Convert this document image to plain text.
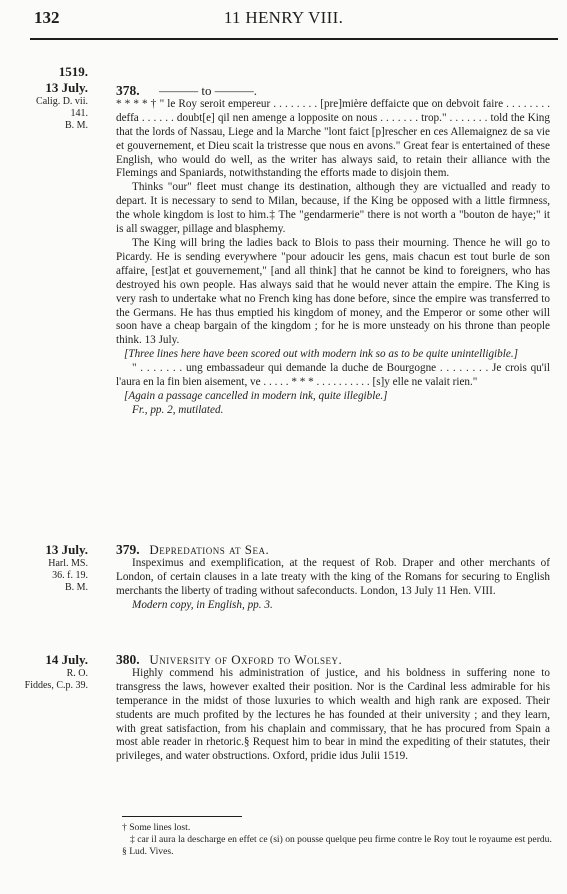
132	11 HENRY VIII.
1519.
13 July.
Calig. D. vii.
141.
B. M.

378. ——— to ———.

* * * * † " le Roy seroit empereur . . . . . . . . [pre]mière deffaicte que on debvoit faire . . . . . . . . deffa . . . . . . doubt[e] qil nen amenge a lopposite on nous . . . . . . . trop." . . . . . . . told the King that the lords of Nassau, Liege and la Marche "lont faict [p]rescher en ces Allemaignez de sa vie et gouvernement, et Dieu scait la tristresse que nous en avons." Great fear is entertained of these English, who would do well, as the writer has always said, to retain their alliance with the Flemings and Spaniards, notwithstanding the efforts made to disjoin them.

Thinks "our" fleet must change its destination, although they are victualled and ready to depart. It is necessary to send to Milan, because, if the King be opposed with a little firmness, the whole kingdom is lost to him.‡ The "gendarmerie" there is not worth a "bouton de haye;" it is all swagger, pillage and blasphemy.

The King will bring the ladies back to Blois to pass their mourning. Thence he will go to Picardy. He is sending everywhere "pour adoucir les gens, mais chacun est tout burle de son affaire, [est]at et gouvernement," [and all think] that he cannot be kind to foreigners, who has destroyed his own people. Has always said that he would never attain the empire. The King is very rash to undertake what no French king has done before, since the empire was transferred to the Germans. He has thus emptied his kingdom of money, and the Emperor or some other will soon have a cheap bargain of the kingdom ; for he is more unsteady on his throne than people think. 13 July.

[Three lines here have been scored out with modern ink so as to be quite unintelligible.]

" . . . . . . . ung embassadeur qui demande la duche de Bourgogne . . . . . . . . Je crois qu'il l'aura en la fin bien aisement, ve . . . . . * * * . . . . . . . . . . [s]y elle ne valait rien."

[Again a passage cancelled in modern ink, quite illegible.]

Fr., pp. 2, mutilated.

13 July.
Harl. MS.
36. f. 19.
B. M.

379. Depredations at Sea.

Inspeximus and exemplification, at the request of Rob. Draper and other merchants of London, of certain clauses in a late treaty with the king of the Romans for securing to English merchants the liberty of trading without safeconducts. London, 13 July 11 Hen. VIII.

Modern copy, in English, pp. 3.

14 July.
R. O.
Fiddes, C.p. 39.

380. University of Oxford to Wolsey.

Highly commend his administration of justice, and his boldness in suffering none to transgress the laws, however exalted their position. Nor is the Cardinal less admirable for his temperance in the midst of those luxuries to which wealth and high rank are exposed. Their students are much profited by the lectures he has founded at their university ; and they learn, with great satisfaction, from his chaplain and commissary, that he has procured from Spain a most able reader in rhetoric.§ Request him to bear in mind the expediting of their statutes, their privileges, and water obstructions. Oxford, pridie idus Julii 1519.

† Some lines lost.
‡ car il aura la descharge en effet ce (si) on pousse quelque peu firme contre le Roy tout le royaume est perdu.
§ Lud. Vives.
